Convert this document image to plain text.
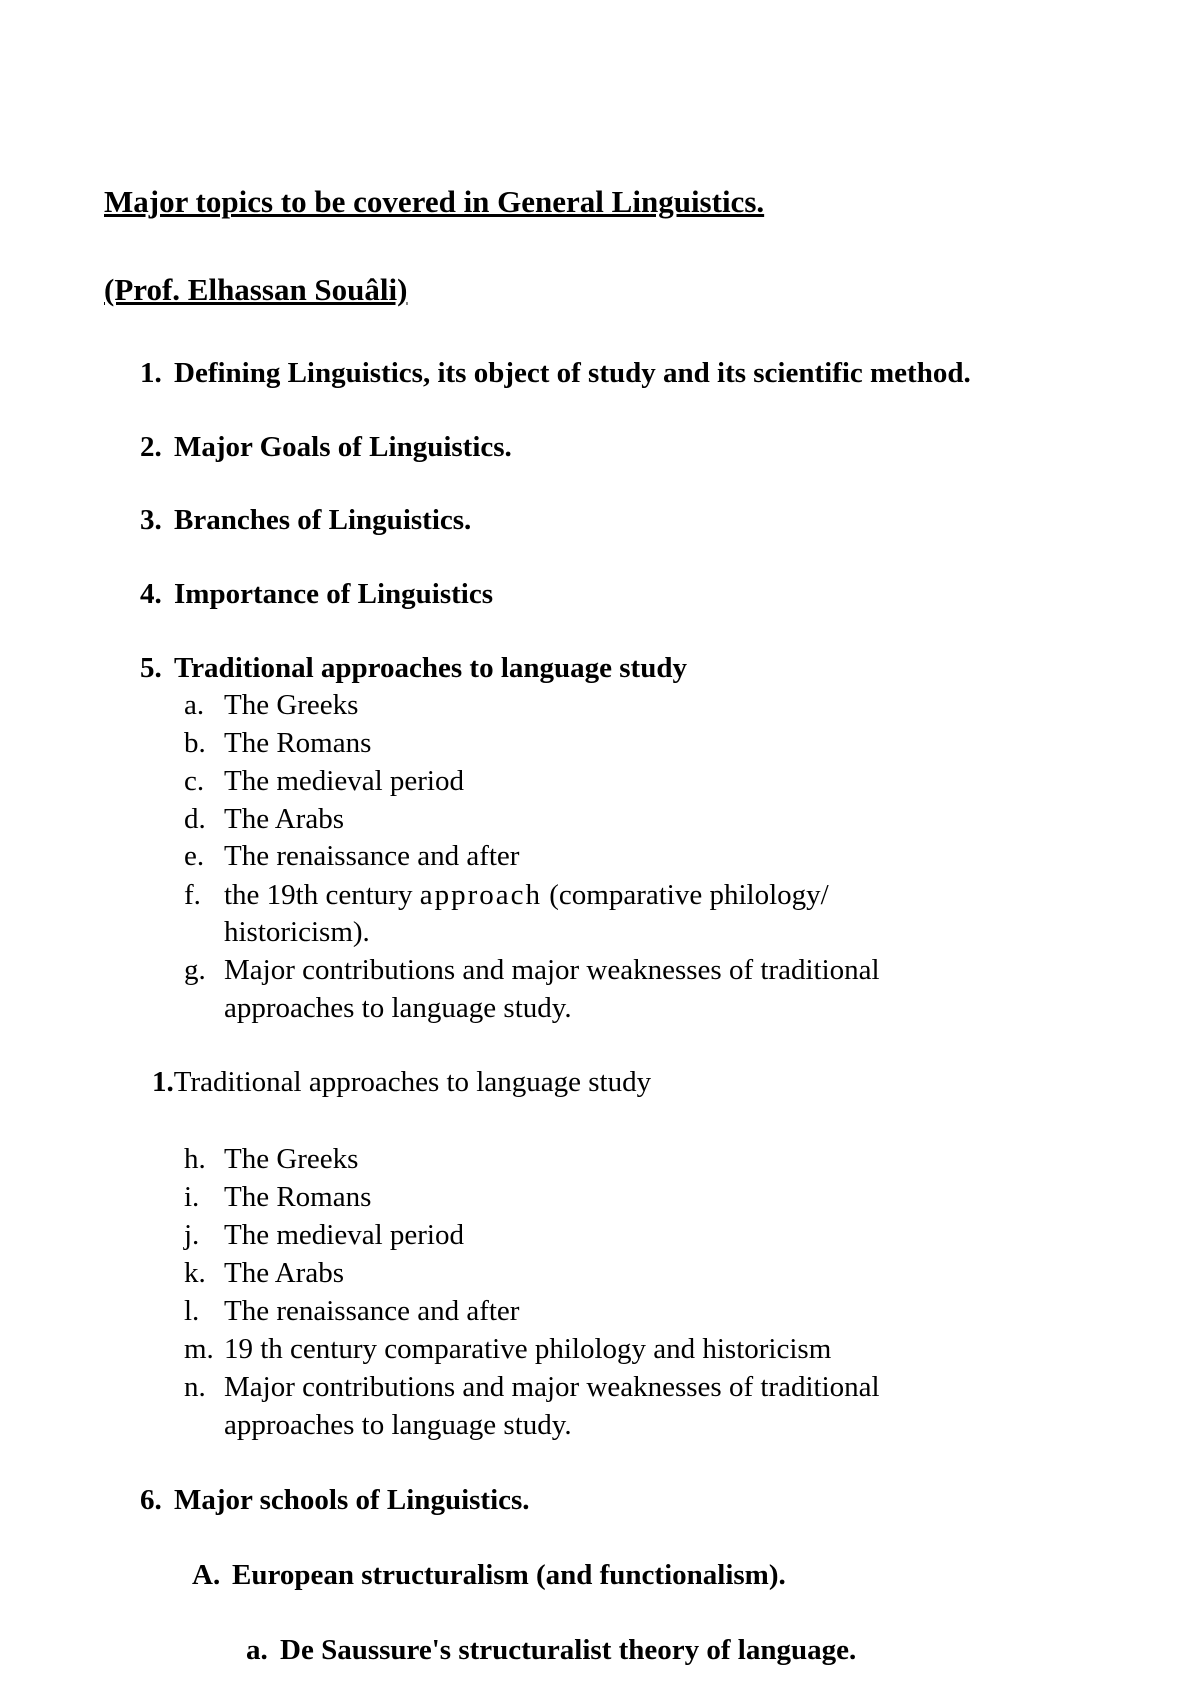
Major topics to be covered in General Linguistics.
(Prof. Elhassan Souâli)
1. Defining Linguistics, its object of study and its scientific method.
2. Major Goals of Linguistics.
3. Branches of Linguistics.
4. Importance of Linguistics
5. Traditional approaches to language study
a. The Greeks
b. The Romans
c. The medieval period
d. The Arabs
e. The renaissance and after
f. the 19th century approach (comparative philology/
historicism).
g. Major contributions and major weaknesses of traditional
approaches to language study.
1.Traditional approaches to language study
h. The Greeks
i. The Romans
j. The medieval period
k. The Arabs
l. The renaissance and after
m. 19 th century comparative philology and historicism
n. Major contributions and major weaknesses of traditional
approaches to language study.
6. Major schools of Linguistics.
A. European structuralism (and functionalism).
a. De Saussure's structuralist theory of language.
